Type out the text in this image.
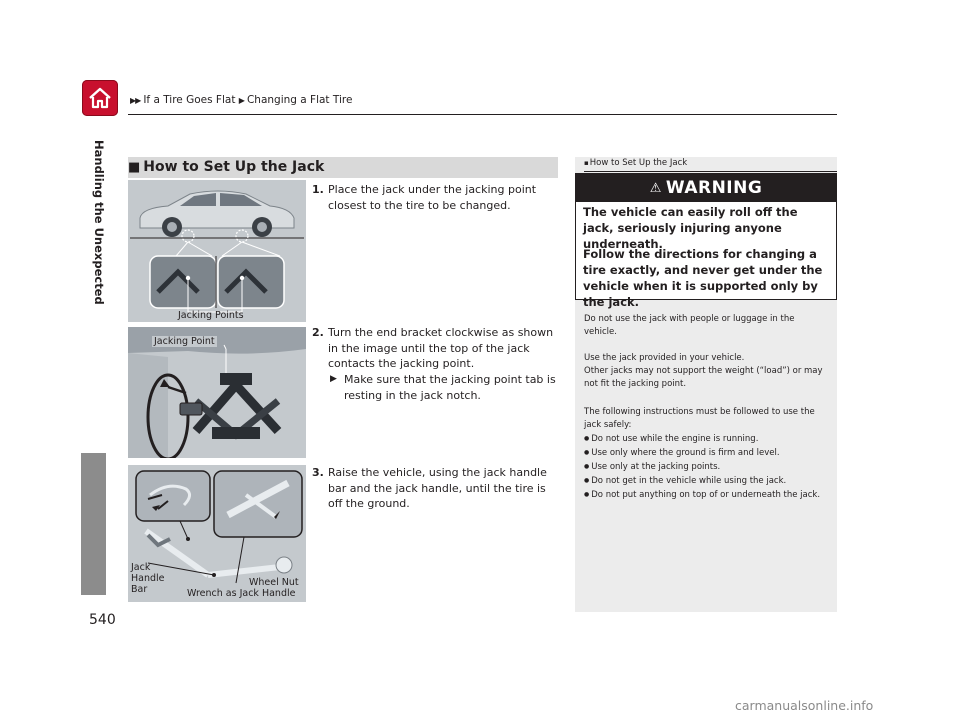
▶▶ If a Tire Goes Flat ▶ Changing a Flat Tire
Handling the Unexpected
540
■ How to Set Up the Jack
Jacking Points
Jacking Point
Jack
Handle
Bar
Wheel Nut
Wrench as Jack Handle
1. Place the jack under the jacking point closest to the tire to be changed.
2. Turn the end bracket clockwise as shown in the image until the top of the jack contacts the jacking point.
▶ Make sure that the jacking point tab is resting in the jack notch.
3. Raise the vehicle, using the jack handle bar and the jack handle, until the tire is off the ground.
▪How to Set Up the Jack
⚠ WARNING
The vehicle can easily roll off the jack, seriously injuring anyone underneath.
Follow the directions for changing a tire exactly, and never get under the vehicle when it is supported only by the jack.
Do not use the jack with people or luggage in the vehicle.
Use the jack provided in your vehicle.
Other jacks may not support the weight (“load”) or may not fit the jacking point.
The following instructions must be followed to use the jack safely:
● Do not use while the engine is running.
● Use only where the ground is firm and level.
● Use only at the jacking points.
● Do not get in the vehicle while using the jack.
● Do not put anything on top of or underneath the jack.
carmanualsonline.info
